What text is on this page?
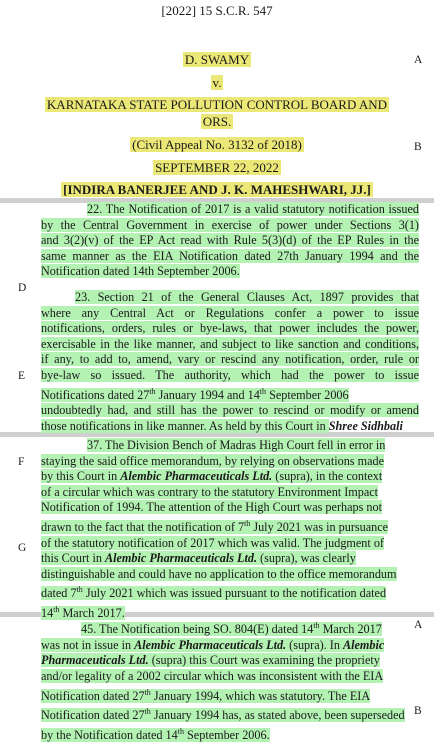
[2022] 15 S.C.R. 547
D. SWAMY
v.
KARNATAKA STATE POLLUTION CONTROL BOARD AND
ORS.
(Civil Appeal No. 3132 of 2018)
SEPTEMBER 22, 2022
[INDIRA BANERJEE AND J. K. MAHESHWARI, JJ.]
A
B
D
E
F
G
A
B
22. The Notification of 2017 is a valid statutory notification issued
by the Central Government in exercise of power under Sections 3(1)
and 3(2)(v) of the EP Act read with Rule 5(3)(d) of the EP Rules in the
same manner as the EIA Notification dated 27th January 1994 and the
Notification dated 14th September 2006.
23. Section 21 of the General Clauses Act, 1897 provides that
where any Central Act or Regulations confer a power to issue
notifications, orders, rules or bye-laws, that power includes the power,
exercisable in the like manner, and subject to like sanction and conditions,
if any, to add to, amend, vary or rescind any notification, order, rule or
bye-law so issued. The authority, which had the power to issue
Notifications dated 27th January 1994 and 14th September 2006
undoubtedly had, and still has the power to rescind or modify or amend
those notifications in like manner. As held by this Court in Shree Sidhbali
37. The Division Bench of Madras High Court fell in error in
staying the said office memorandum, by relying on observations made
by this Court in Alembic Pharmaceuticals Ltd. (supra), in the context
of a circular which was contrary to the statutory Environment Impact
Notification of 1994. The attention of the High Court was perhaps not
drawn to the fact that the notification of 7th July 2021 was in pursuance
of the statutory notification of 2017 which was valid. The judgment of
this Court in Alembic Pharmaceuticals Ltd. (supra), was clearly
distinguishable and could have no application to the office memorandum
dated 7th July 2021 which was issued pursuant to the notification dated
14th March 2017.
45. The Notification being SO. 804(E) dated 14th March 2017
was not in issue in Alembic Pharmaceuticals Ltd. (supra). In Alembic
Pharmaceuticals Ltd. (supra) this Court was examining the propriety
and/or legality of a 2002 circular which was inconsistent with the EIA
Notification dated 27th January 1994, which was statutory. The EIA
Notification dated 27th January 1994 has, as stated above, been superseded
by the Notification dated 14th September 2006.
